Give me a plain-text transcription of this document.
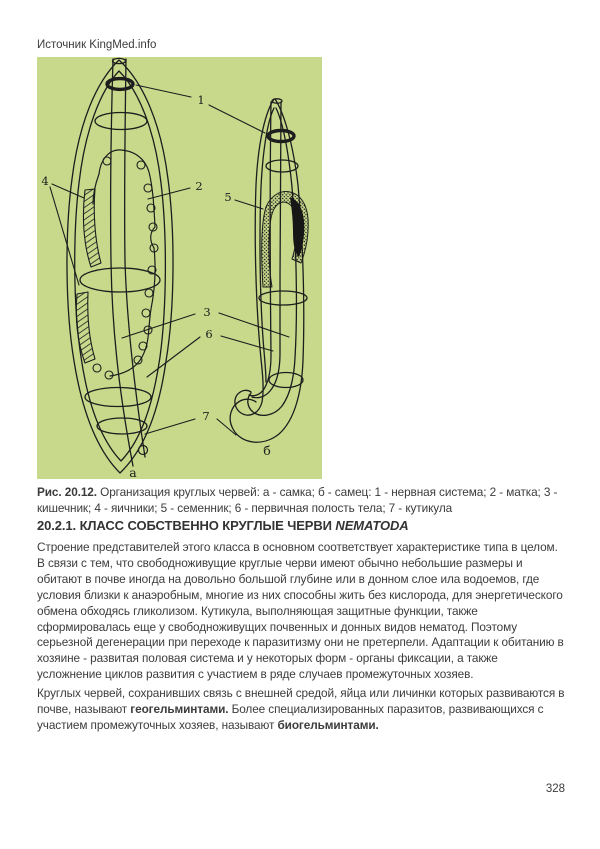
Источник KingMed.info
1
2
3
4
5
6
7
а
б

Рис. 20.12. Организация круглых червей: а - самка; б - самец: 1 - нервная система; 2 - матка; 3 - кишечник; 4 - яичники; 5 - семенник; 6 - первичная полость тела; 7 - кутикула

20.2.1. КЛАСС СОБСТВЕННО КРУГЛЫЕ ЧЕРВИ NEMATODA

Строение представителей этого класса в основном соответствует характеристике типа в целом. В связи с тем, что свободноживущие круглые черви имеют обычно небольшие размеры и обитают в почве иногда на довольно большой глубине или в донном слое ила водоемов, где условия близки к анаэробным, многие из них способны жить без кислорода, для энергетического обмена обходясь гликолизом. Кутикула, выполняющая защитные функции, также сформировалась еще у свободноживущих почвенных и донных видов нематод. Поэтому серьезной дегенерации при переходе к паразитизму они не претерпели. Адаптации к обитанию в хозяине - развитая половая система и у некоторых форм - органы фиксации, а также усложнение циклов развития с участием в ряде случаев промежуточных хозяев.

Круглых червей, сохранивших связь с внешней средой, яйца или личинки которых развиваются в почве, называют геогельминтами. Более специализированных паразитов, развивающихся с участием промежуточных хозяев, называют биогельминтами.

328
